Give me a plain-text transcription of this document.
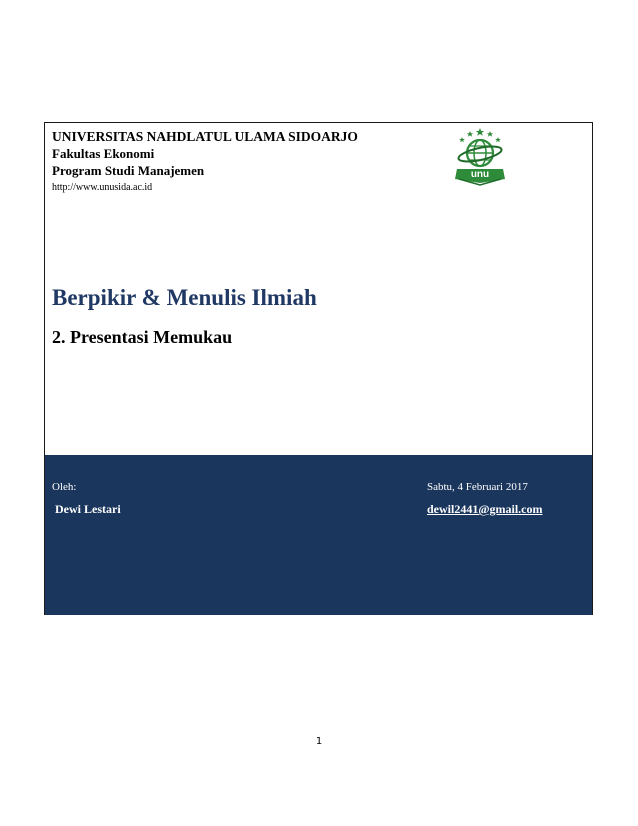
UNIVERSITAS NAHDLATUL ULAMA SIDOARJO
Fakultas Ekonomi
Program Studi Manajemen
http://www.unusida.ac.id
unu
Berpikir & Menulis Ilmiah
2. Presentasi Memukau
Oleh:
Dewi Lestari
Sabtu, 4 Februari 2017
dewil2441@gmail.com
1
